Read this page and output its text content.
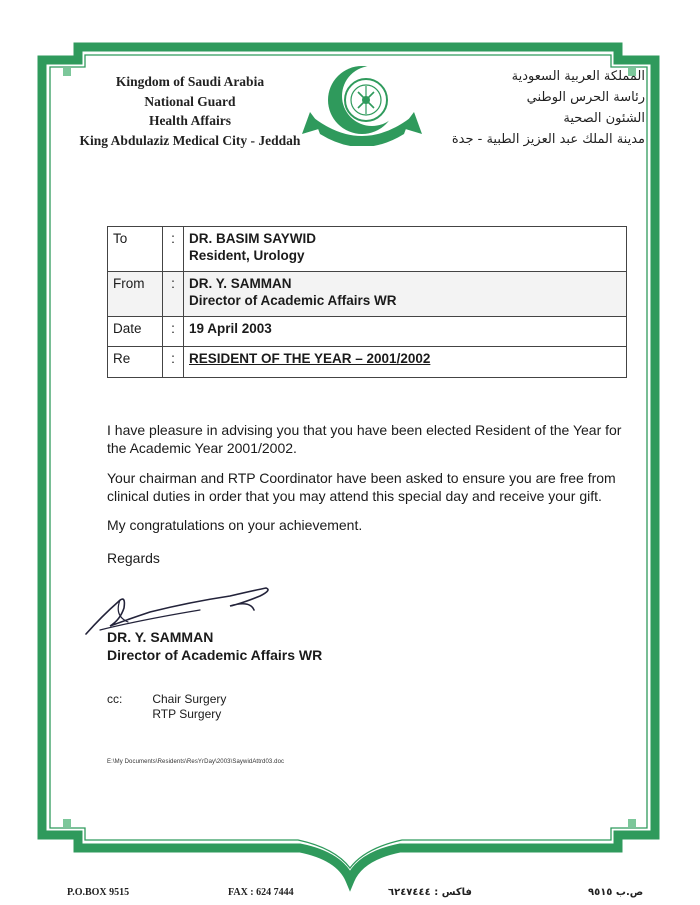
Kingdom of Saudi Arabia
National Guard
Health Affairs
King Abdulaziz Medical City - Jeddah
المملكة العربية السعودية
رئاسة الحرس الوطني
الشئون الصحية
مدينة الملك عبد العزيز الطبية - جدة
To	:	DR. BASIM SAYWID
Resident, Urology

From	:	DR. Y. SAMMAN
Director of Academic Affairs WR

Date	:	19 April 2003
Re	:	RESIDENT OF THE YEAR – 2001/2002

I have pleasure in advising you that you have been elected Resident of the Year for the Academic Year 2001/2002.

Your chairman and RTP Coordinator have been asked to ensure you are free from clinical duties in order that you may attend this special day and receive your gift.

My congratulations on your achievement.

Regards

DR. Y. SAMMAN
Director of Academic Affairs WR
cc:	Chair Surgery
RTP Surgery
E:\My Documents\Residents\ResYrDay\2003\SaywidAttrd03.doc
P.O.BOX 9515	FAX : 624 7444	فاكس : ٦٢٤٧٤٤٤	ص.ب ٩٥١٥
